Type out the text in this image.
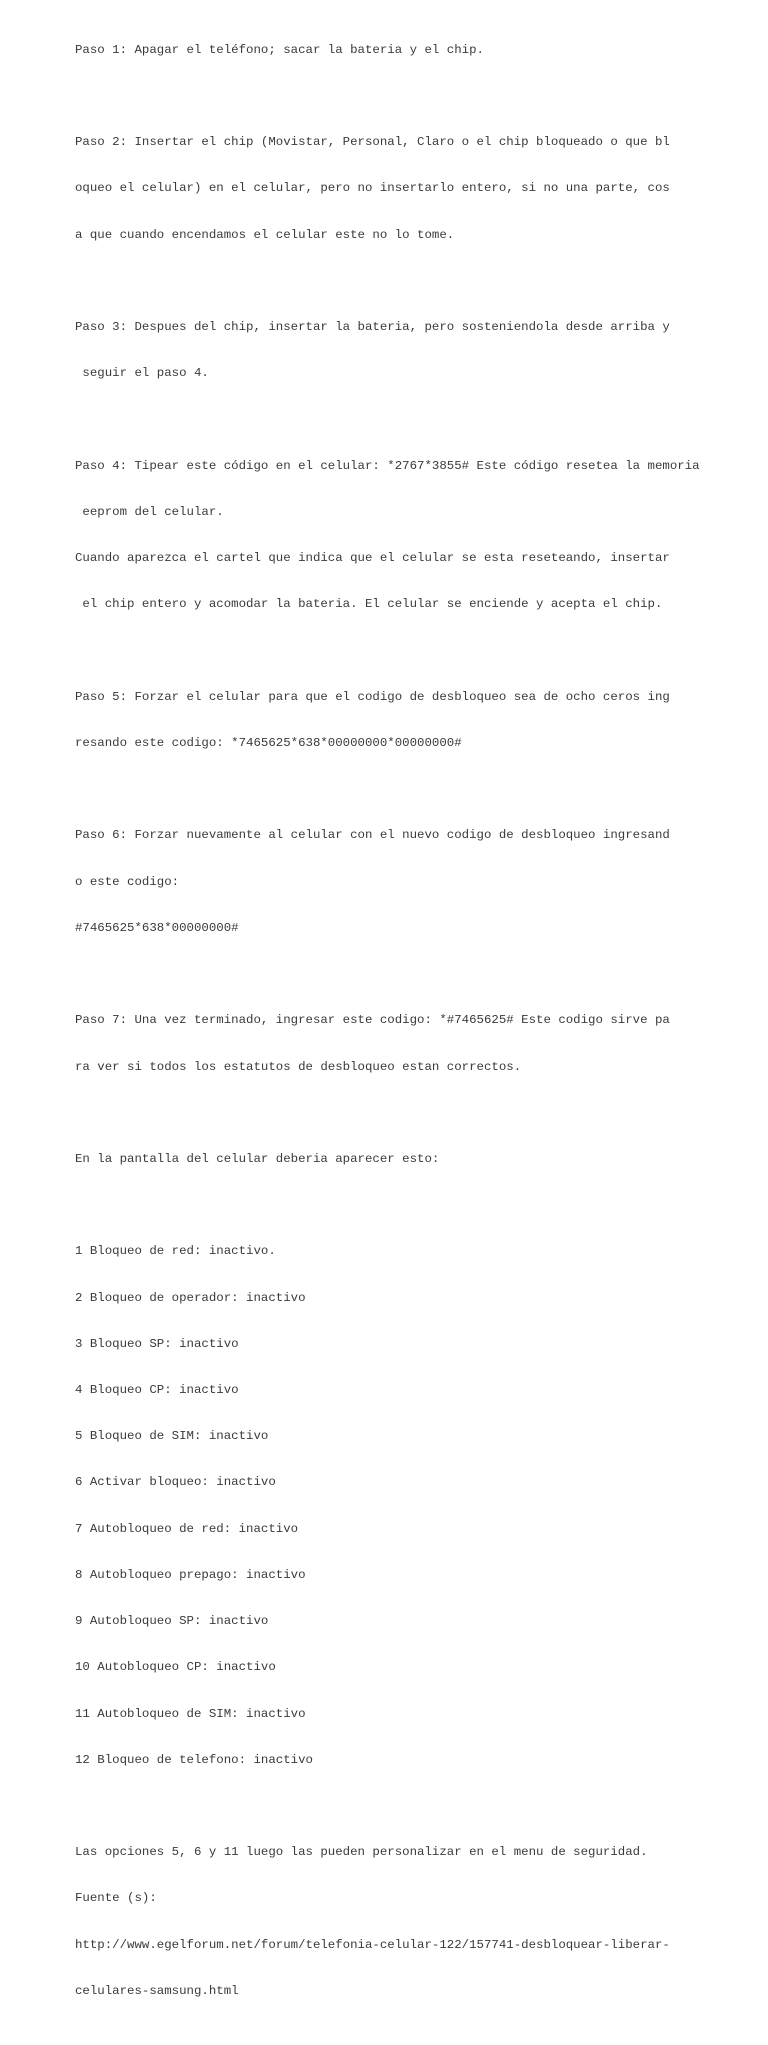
Paso 1: Apagar el teléfono; sacar la bateria y el chip.

Paso 2: Insertar el chip (Movistar, Personal, Claro o el chip bloqueado o que bl

oqueo el celular) en el celular, pero no insertarlo entero, si no una parte, cos

a que cuando encendamos el celular este no lo tome.

Paso 3: Despues del chip, insertar la bateria, pero sosteniendola desde arriba y

seguir el paso 4.

Paso 4: Tipear este código en el celular: *2767*3855# Este código resetea la memoria

eeprom del celular.

Cuando aparezca el cartel que indica que el celular se esta reseteando, insertar

el chip entero y acomodar la bateria. El celular se enciende y acepta el chip.

Paso 5: Forzar el celular para que el codigo de desbloqueo sea de ocho ceros ing

resando este codigo: *7465625*638*00000000*00000000#

Paso 6: Forzar nuevamente al celular con el nuevo codigo de desbloqueo ingresand

o este codigo:

#7465625*638*00000000#

Paso 7: Una vez terminado, ingresar este codigo: *#7465625# Este codigo sirve pa

ra ver si todos los estatutos de desbloqueo estan correctos.

En la pantalla del celular deberia aparecer esto:

1 Bloqueo de red: inactivo.

2 Bloqueo de operador: inactivo

3 Bloqueo SP: inactivo

4 Bloqueo CP: inactivo

5 Bloqueo de SIM: inactivo

6 Activar bloqueo: inactivo

7 Autobloqueo de red: inactivo

8 Autobloqueo prepago: inactivo

9 Autobloqueo SP: inactivo

10 Autobloqueo CP: inactivo

11 Autobloqueo de SIM: inactivo

12 Bloqueo de telefono: inactivo

Las opciones 5, 6 y 11 luego las pueden personalizar en el menu de seguridad.

Fuente (s):

http://www.egelforum.net/forum/telefonia-celular-122/157741-desbloquear-liberar-

celulares-samsung.html
